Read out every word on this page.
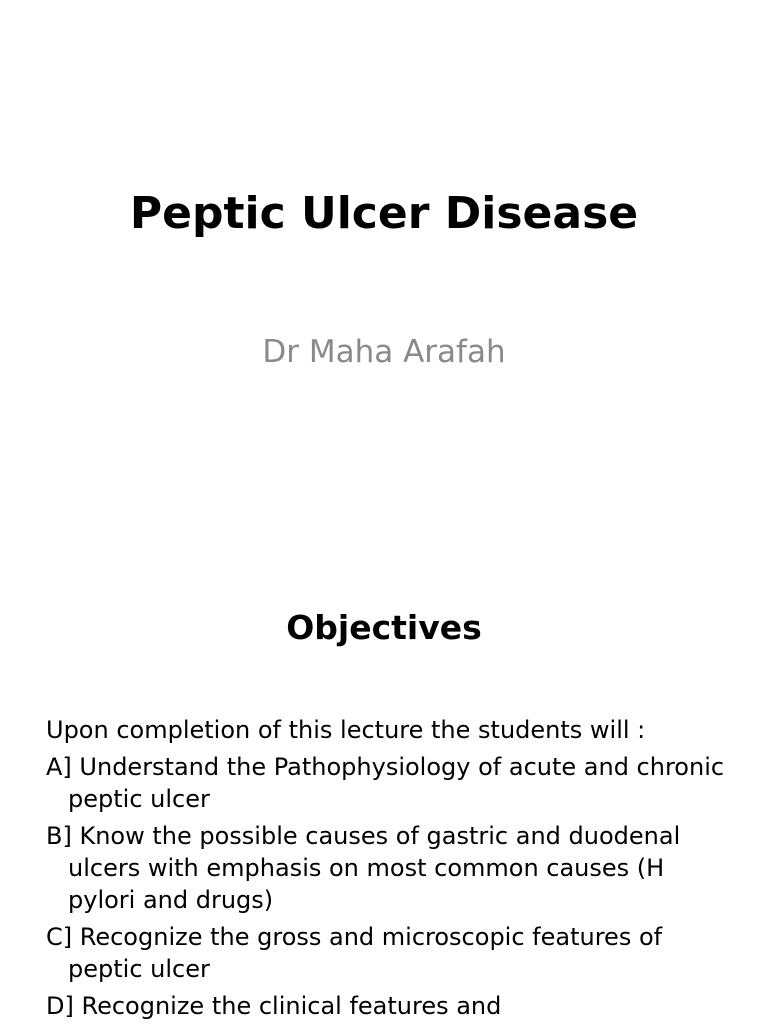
Peptic Ulcer Disease

Dr Maha Arafah

Objectives
Upon completion of this lecture the students will :
A] Understand the Pathophysiology of acute and chronic peptic ulcer
B] Know the possible causes of gastric and duodenal ulcers with emphasis on most common causes (H pylori and drugs)
C] Recognize the gross and microscopic features of peptic ulcer
D] Recognize the clinical features and
